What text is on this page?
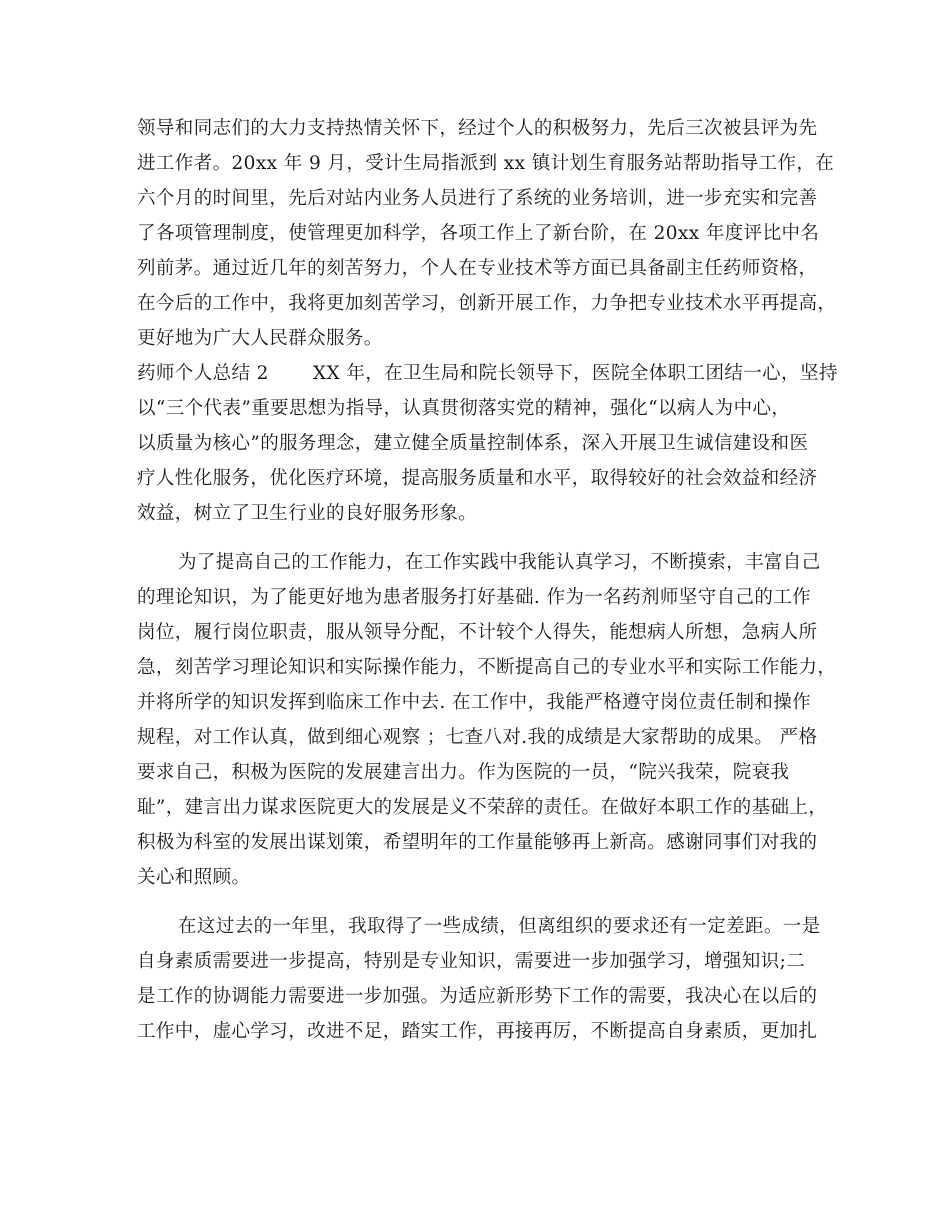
领导和同志们的大力支持热情关怀下，经过个人的积极努力，先后三次被县评为先
进工作者。20xx 年 9 月，受计生局指派到 xx 镇计划生育服务站帮助指导工作，在
六个月的时间里，先后对站内业务人员进行了系统的业务培训，进一步充实和完善
了各项管理制度，使管理更加科学，各项工作上了新台阶，在 20xx 年度评比中名
列前茅。通过近几年的刻苦努力，个人在专业技术等方面已具备副主任药师资格，
在今后的工作中，我将更加刻苦学习，创新开展工作，力争把专业技术水平再提高，
更好地为广大人民群众服务。
药师个人总结 2　　 XX 年，在卫生局和院长领导下，医院全体职工团结一心，坚持
以“三个代表”重要思想为指导，认真贯彻落实党的精神，强化“以病人为中心，
以质量为核心”的服务理念，建立健全质量控制体系，深入开展卫生诚信建设和医
疗人性化服务，优化医疗环境，提高服务质量和水平，取得较好的社会效益和经济
效益，树立了卫生行业的良好服务形象。
为了提高自己的工作能力，在工作实践中我能认真学习，不断摸索，丰富自己
的理论知识，为了能更好地为患者服务打好基础. 作为一名药剂师坚守自己的工作
岗位，履行岗位职责，服从领导分配，不计较个人得失，能想病人所想，急病人所
急，刻苦学习理论知识和实际操作能力，不断提高自己的专业水平和实际工作能力，
并将所学的知识发挥到临床工作中去. 在工作中，我能严格遵守岗位责任制和操作
规程，对工作认真，做到细心观察 ；七查八对.我的成绩是大家帮助的成果。 严格
要求自己，积极为医院的发展建言出力。作为医院的一员，“院兴我荣，院衰我
耻”，建言出力谋求医院更大的发展是义不荣辞的责任。在做好本职工作的基础上，
积极为科室的发展出谋划策，希望明年的工作量能够再上新高。感谢同事们对我的
关心和照顾。
在这过去的一年里，我取得了一些成绩，但离组织的要求还有一定差距。一是
自身素质需要进一步提高，特别是专业知识，需要进一步加强学习，增强知识;二
是工作的协调能力需要进一步加强。为适应新形势下工作的需要，我决心在以后的
工作中，虚心学习，改进不足，踏实工作，再接再厉，不断提高自身素质，更加扎
